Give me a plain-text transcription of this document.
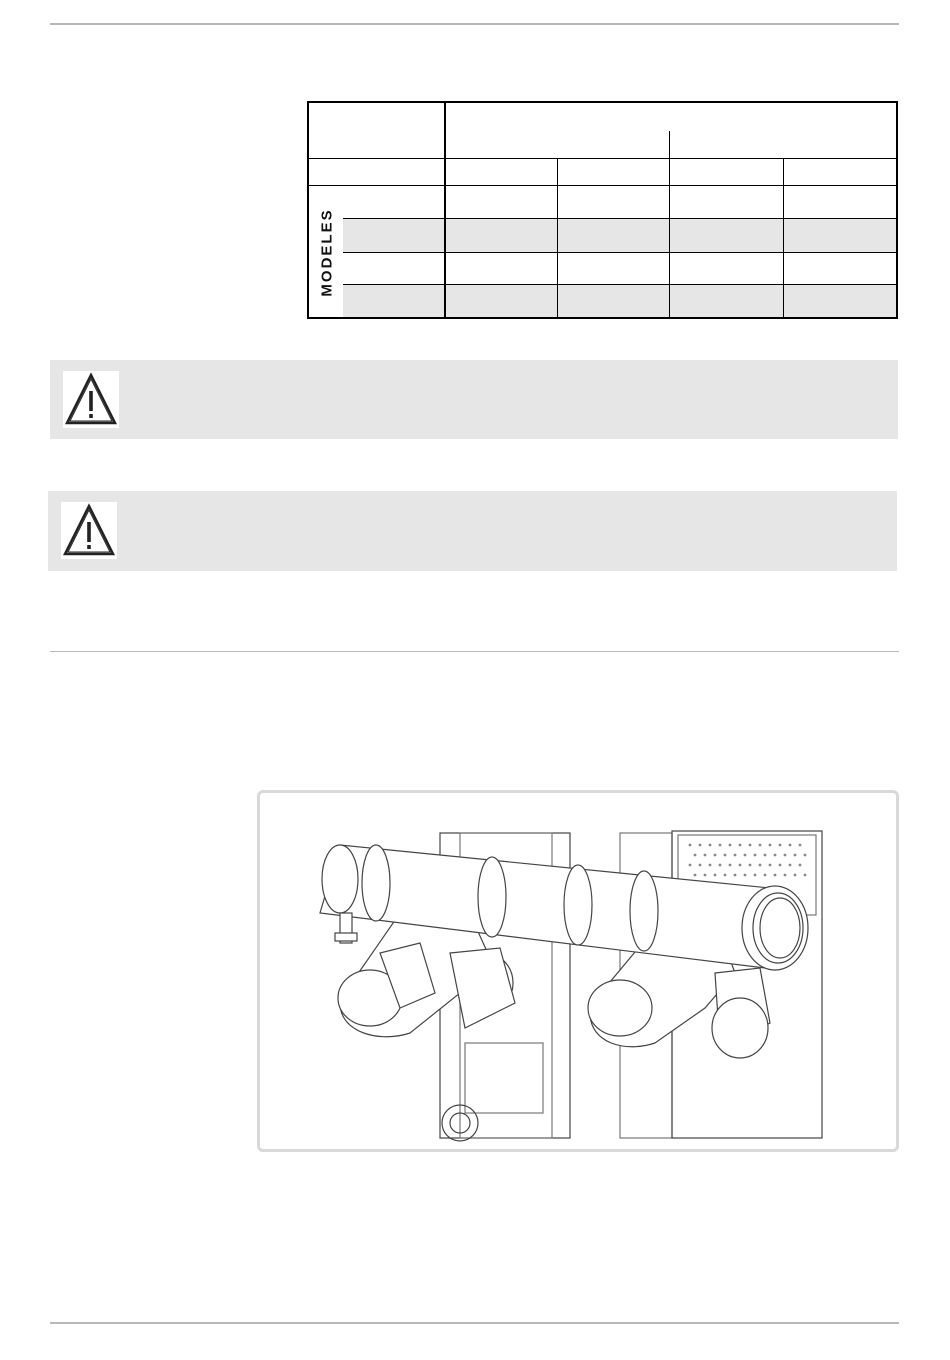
MODELES
